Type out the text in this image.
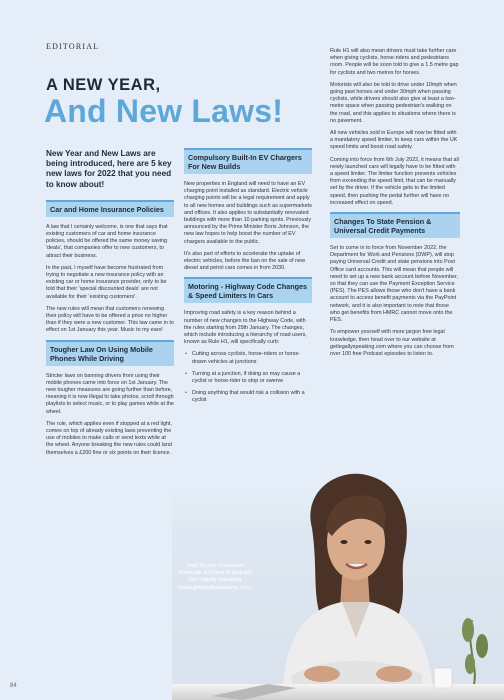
EDITORIAL
A NEW YEAR,
And New Laws!
New Year and New Laws are being introduced, here are 5 key new laws for 2022 that you need to know about!
Car and Home Insurance Policies

A law that I certainly welcome, is one that says that existing customers of car and home insurance policies, should be offered the same money saving 'deals', that companies offer to new customers, to attract their business.

In the past, I myself have become frustrated from trying to negotiate a new insurance policy with an existing car or home insurance provider, only to be told that their 'special discounted deals' are not available for their 'existing customers'.

The new rules will mean that customers renewing their policy will have to be offered a price no higher than if they were a new customer. This law came in to effect on 1st January this year. Music to my ears!

Tougher Law On Using Mobile Phones While Driving

Stricter laws on banning drivers from using their mobile phones came into force on 1st January. The new tougher measures are going further than before, meaning it is now illegal to take photos, scroll through playlists to select music, or to play games while at the wheel.

The rule, which applies even if stopped at a red light, comes on top of already existing laws preventing the use of mobiles to make calls or send texts while at the wheel. Anyone breaking the new rules could land themselves a £200 fine or six points on their licence.

Compulsory Built-In EV Chargers For New Builds

New properties in England will need to have an EV charging point installed as standard. Electric vehicle charging points will be a legal requirement and apply to all new homes and buildings such as supermarkets and offices. It also applies to substantially renovated buildings with more than 10 parking spots. Previously announced by the Prime Minister Boris Johnson, the new law hopes to help boost the number of EV chargers available to the public.

It's also part of efforts to accelerate the uptake of electric vehicles, before the ban on the sale of new diesel and petrol cars comes in from 2030.

Motoring - Highway Code Changes & Speed Limiters In Cars

Improving road safety is a key reason behind a number of new changes to the Highway Code, with the rules starting from 29th January. The changes, which include introducing a hierarchy of road users, known as Rule H1, will specifically curb:

• Cutting across cyclists, horse-riders or horse-drawn vehicles at junctions
• Turning at a junction, if doing so may cause a cyclist or horse-rider to stop or swerve
• Doing anything that would risk a collision with a cyclist

Rule H1 will also mean drivers must take further care when giving cyclists, horse-riders and pedestrians room. People will be soon told to give a 1.5 metre gap for cyclists and two metres for horses.

Motorists will also be told to drive under 10mph when going past horses and under 30mph when passing cyclists, while drivers should also give at least a two-metre space when passing pedestrian's walking on the road, and this applies to situations where there is no pavement.

All new vehicles sold in Europe will now be fitted with a mandatory speed limiter, to keep cars within the UK speed limits and boost road safety.

Coming into force from 6th July 2022, it means that all newly launched cars will legally have to be fitted with a speed limiter. The limiter function prevents vehicles from exceeding the speed limit, that can be manually set by the driver. If the vehicle gets to the limited speed, then pushing the pedal further will have no increased effect on speed.

Changes To State Pension & Universal Credit Payments

Set to come in to force from November 2022, the Department for Work and Pensions (DWP), will stop paying Universal Credit and state pensions into Post Office card accounts. This will mean that people will need to set up a new bank account before November, so that they can use the Payment Exception Service (PES). The PES allows those who don't have a bank account to access benefit payments via the PayPoint network, and it is also important to note that those who get benefits from HMRC cannot move onto the PES.

To empower yourself with more jargon free legal knowledge, then head over to our website at getlegallyspeaking.com where you can choose from over 100 free Podcast episodes to listen to.

Hatti Suvari, Consumer
Advocate and host of podcast
Get Legally Speaking
(www.getlegallyspeaking.com)
84
